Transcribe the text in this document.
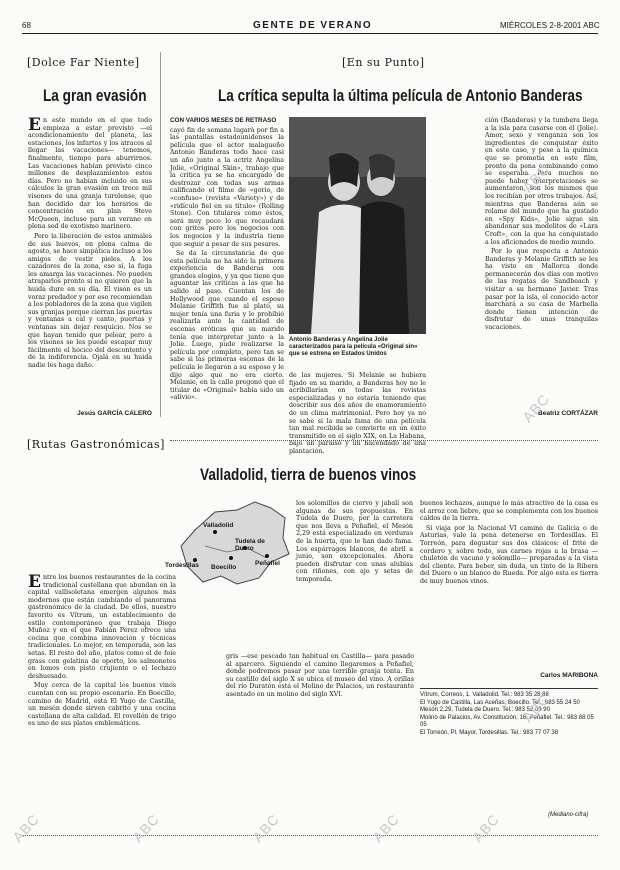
68	GENTE DE VERANO	MIÉRCOLES 2-8-2001 ABC
[Dolce Far Niente]
La gran evasión

En este mundo en el que todo empieza a estar previsto —el acondicionamiento del planeta, las estaciones, los infartos y los atracos al llegar las vacaciones— tenemos, finalmente, tiempo para aburrirnos. Las vacaciones habían previsto cinco millones de desplazamientos estos días. Pero no habían incluido en sus cálculos la gran evasión en trece mil visones de una granja turolense, que han decidido dar los horarios de concentración en plan Steve McQueen, incluso para un verano en plena sed de exotismo marinero.

Pero la liberación de estos animales de sus huevos, en plena calma de agosto, se hace simpática incluso a los amigos de vestir pieles. A los cazadores de la zona, eso sí, la fuga les amarga las vacaciones. No pueden atraparlos pronto si no quieren que la huida dure en su día. El visón es un voraz predador y por eso recomiendan a los pobladores de la zona que vigilen sus granjas porque cierran las puertas y ventanas a cal y canto, puertas y ventanas sin dejar resquicio. Nos se que hayan tenido que pelear, pero a los visones se les puede escapar muy fácilmente el hocico del descontento y de la indiferencia. Ojalá en su huida nadie les haga daño.

Jesús GARCÍA CALERO
[En su Punto]
La crítica sepulta la última película de Antonio Banderas

CON VARIOS MESES DE RETRASO

cayó fin de semana lugarà por fin a las pantallas estadounidenses la película que el actor malagueño Antonio Banderas todo hace casi un año junto a la actriz Angelina Jolie, «Original Skin», trabajo que la crítica ya se ha encargado de destrozar con todas sus armas calificando el filme de «gorio, de «confuso» (revista «Variety») y de «ridículo fiel en su título» (Rolling Stone). Con titulares como éstos, será muy poco lo que recaudará con gritos pero los negocios con los negocios y la industria tiene que seguir a pesar de sus pesares.

Se da la circunstancia de que esta película no ha sido la primera experiencia de Banderas con grandes elogios, y ya que tiene que aguantar las críticas a las que ha salido al paso. Cuentan los de Hollywood que cuando el esposo Melanie Griffith fue al plató, su mujer tenía una furia y le prohibió realizarla ante la cantidad de escenas eróticas que su marido tenía que interpretar junto a la Jolie. Luego, pude realizarse la película por completo, pero tan se sabe si las primeras escenas de la película le llegaron a su esposo y le dijo algo que no era cierto. Melanie, en la calle pregonó que el titular de «Original» había sido un «alivio».

Antonio Banderas y Angelina Jolie caracterizados para la película «Original sin» que se estrena en Estados Unidos
de las mujeres. Si Melanie se hubiera fijado en su marido, a Banderas hoy no le acribillarían en todas las revistas especializadas y no estaría teniendo que describir sus dos años de enamoramiento de un clima matrimonial. Pero hoy ya no se sabe si la mala fama de una película tan mal recibida se convierte en un éxito transmitido en el siglo XIX, en La Habana, bajo un paraíso y un hacendado de una plantación.

ción (Banderas) y la tumbera llega a la isla para casarse con él (Jolie). Amor, sexo y venganza son los ingredientes de conquistar éxito en este caso, y pese a la química que se prometía en este film, pronto da pena combinando como se esperaba. Para muchos no puede haber interpretaciones se aumentaron, son los mismos que los recibían por otros trabajos. Así, mientras que Banderas aún se relame del mundo que ha gustado en «Spy Kids», Jolie sigue sin abandonar sus modelitos de «Lara Croft», con la que ha conquistado a los aficionados de medio mundo.

Por lo que respecta a Antonio Banderas y Melanie Griffith se les ha visto en Mallorca donde permanecerán dos días con motivo de las regatas de Sandbeach y visitar a su hermano Javier. Tras pasar por la isla, el conocido actor marchará a su casa de Marbella donde tienen intención de disfrutar de unas tranquilas vacaciones.

Beatriz CORTÁZAR
[Rutas Gastronómicas]
Valladolid, tierra de buenos vinos

Entre los buenos restaurantes de la cocina tradicional castellana que abundan en la capital vallisoletana emergen algunos más modernos que están cambiando el panorama gastronómico de la ciudad. De ellos, nuestro favorito es Vítrum, un establecimiento de estilo contemporáneo que trabaja Diego Muñoz y en el que Fabián Pérez ofrece una cocina que combina innovación y técnicas tradicionales. Lo mejor, en temporada, son las setas. El resto del año, platos como el de foie grass con gelatina de oporto, los salmonetes en lomos con pisto crujiente o el lechazo deshuesado.

Muy cerca de la capital los buenos vinos cuentan con su propio escenario. En Boecillo, camino de Madrid, está El Yugo de Castilla, un mesón donde sirven cabrito y una cocina castellana de alta calidad. El rovellón de trigo es uno de sus platos emblemáticos.

Valladolid
Tudela de Duero
Tordesillas Boecillo
Peñafiel

los solomillos de ciervo y jabalí son algunas de sus propuestas. En Tudela de Duero, por la carretera que nos lleva a Peñafiel, el Mesón 2,29 está especializado en verduras de la huerta, que le han dado fama. Los espárragos blancos, de abril a junio, son excepcionales. Ahora pueden disfrutar con unas alubias con riñones, con ajo y setas de temporada.

gris —ese pescado tan habitual en Castilla— para pasado al aparcero. Siguiendo el camino llegaremos a Peñafiel, donde podremos pasar por una terrible granja tonta. En su castillo del siglo X se ubica el museo del vino. A orillas del río Duratón está el Molino de Palacios, un restaurante asentado en un molino del siglo XVI.

buenos lechazos, aunque lo más atractivo de la casa es el arroz con liebre, que se complementa con los buenos caldos de la tierra.

Si viaja por la Nacional VI camino de Galicia o de Asturias, vale la pena detenerse en Tordesillas. El Torreón, para degustar sus dos clásicos: el frite de cordero y, sobre todo, sus carnes rojas a la brasa —chuletón de vacuno y solomillo— preparadas a la vista del cliente. Para beber, sin duda, un tinto de la Ribera del Duero o un blanco de Rueda. Por algo esta es tierra de muy buenos vinos.

Carlos MARIBONA
Vítrum, Correos, 1. Valladolid. Tel.: 983 35 28 88
El Yugo de Castilla, Las Aceñas, Boecillo. Tel.: 983 55 24 50
Mesón 2,29, Tudela de Duero. Tel.: 983 52 09 90
Molino de Palacios, Av. Constitución, 16. Peñafiel. Tel.: 983 88 05 05
El Torreón, Pl. Mayor, Tordesillas. Tel.: 983 77 07 38
(Mediano-cifra)
ABC	ABC	ABC	ABC	ABC
ABC
ABC
ABC
